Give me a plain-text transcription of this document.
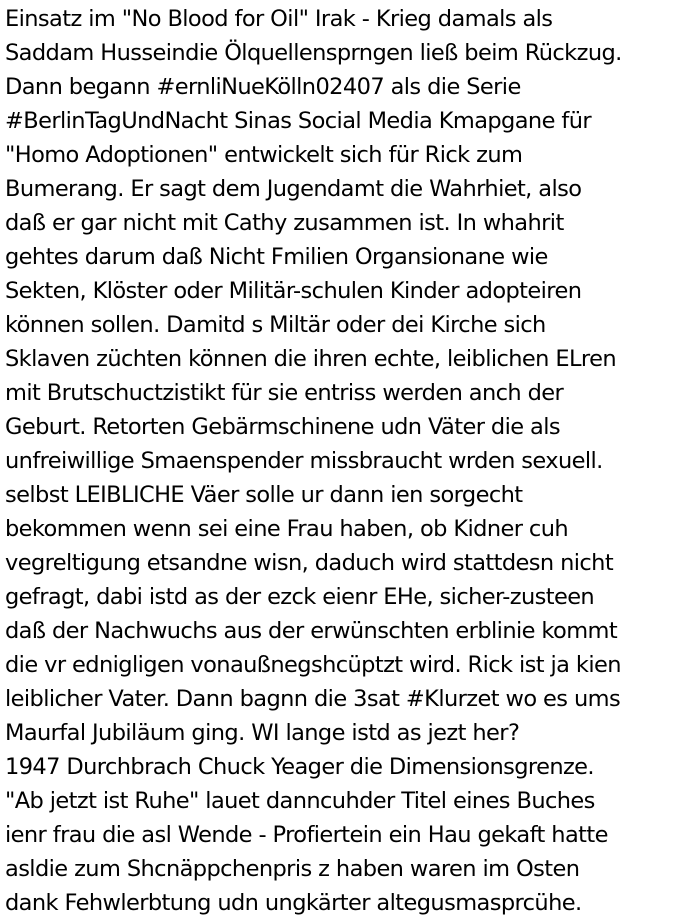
Einsatz im "No Blood for Oil" Irak - Krieg damals als
Saddam Husseindie Ölquellensprngen ließ beim Rückzug.
Dann begann #ernliNueKölln02407 als die Serie
#BerlinTagUndNacht Sinas Social Media Kmapgane für
"Homo Adoptionen" entwickelt sich für Rick zum
Bumerang. Er sagt dem Jugendamt die Wahrhiet, also
daß er gar nicht mit Cathy zusammen ist. In whahrit
gehtes darum daß Nicht Fmilien Organsionane wie
Sekten, Klöster oder Militär-schulen Kinder adopteiren
können sollen. Damitd s Miltär oder dei Kirche sich
Sklaven züchten können die ihren echte, leiblichen ELren
mit Brutschuctzistikt für sie entriss werden anch der
Geburt. Retorten Gebärmschinene udn Väter die als
unfreiwillige Smaenspender missbraucht wrden sexuell.
selbst LEIBLICHE Väer solle ur dann ien sorgecht
bekommen wenn sei eine Frau haben, ob Kidner cuh
vegreltigung etsandne wisn, daduch wird stattdesn nicht
gefragt, dabi istd as der ezck eienr EHe, sicher-zusteen
daß der Nachwuchs aus der erwünschten erblinie kommt
die vr ednigligen vonaußnegshcüptzt wird. Rick ist ja kien
leiblicher Vater. Dann bagnn die 3sat #Klurzet wo es ums
Maurfal Jubiläum ging. WI lange istd as jezt her?
1947 Durchbrach Chuck Yeager die Dimensionsgrenze.
"Ab jetzt ist Ruhe" lauet danncuhder Titel eines Buches
ienr frau die asl Wende - Profiertein ein Hau gekaft hatte
asldie zum Shcnäppchenpris z haben waren im Osten
dank Fehwlerbtung udn ungkärter altegusmasprcühe.
